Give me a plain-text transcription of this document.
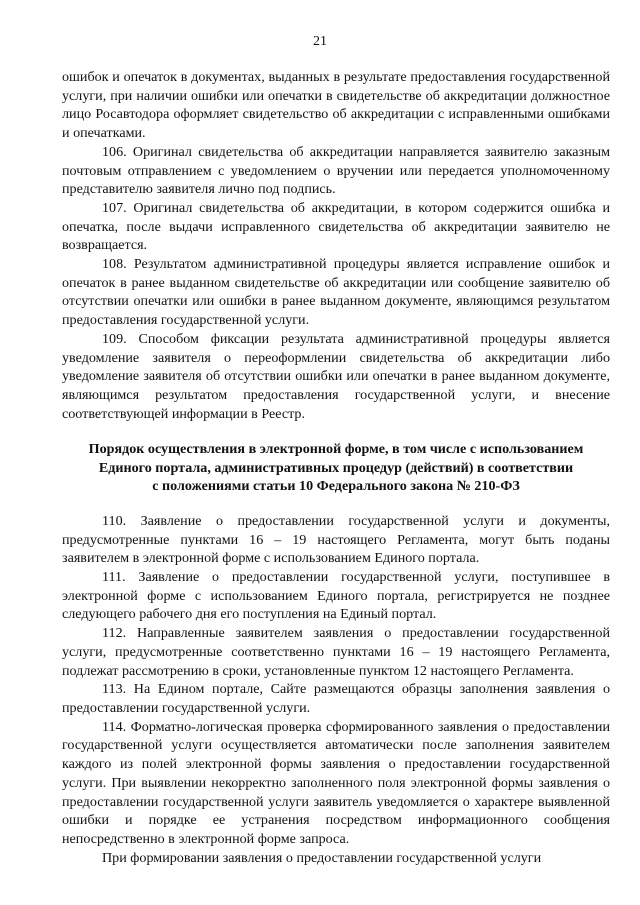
21

ошибок и опечаток в документах, выданных в результате предоставления государственной услуги, при наличии ошибки или опечатки в свидетельстве об аккредитации должностное лицо Росавтодора оформляет свидетельство об аккредитации с исправленными ошибками и опечатками.

106. Оригинал свидетельства об аккредитации направляется заявителю заказным почтовым отправлением с уведомлением о вручении или передается уполномоченному представителю заявителя лично под подпись.

107. Оригинал свидетельства об аккредитации, в котором содержится ошибка и опечатка, после выдачи исправленного свидетельства об аккредитации заявителю не возвращается.

108. Результатом административной процедуры является исправление ошибок и опечаток в ранее выданном свидетельстве об аккредитации или сообщение заявителю об отсутствии опечатки или ошибки в ранее выданном документе, являющимся результатом предоставления государственной услуги.

109. Способом фиксации результата административной процедуры является уведомление заявителя о переоформлении свидетельства об аккредитации либо уведомление заявителя об отсутствии ошибки или опечатки в ранее выданном документе, являющимся результатом предоставления государственной услуги, и внесение соответствующей информации в Реестр.

Порядок осуществления в электронной форме, в том числе с использованием
Единого портала, административных процедур (действий) в соответствии
с положениями статьи 10 Федерального закона № 210-ФЗ

110. Заявление о предоставлении государственной услуги и документы, предусмотренные пунктами 16 – 19 настоящего Регламента, могут быть поданы заявителем в электронной форме с использованием Единого портала.

111. Заявление о предоставлении государственной услуги, поступившее в электронной форме с использованием Единого портала, регистрируется не позднее следующего рабочего дня его поступления на Единый портал.

112. Направленные заявителем заявления о предоставлении государственной услуги, предусмотренные соответственно пунктами 16 – 19 настоящего Регламента, подлежат рассмотрению в сроки, установленные пунктом 12 настоящего Регламента.

113. На Едином портале, Сайте размещаются образцы заполнения заявления о предоставлении государственной услуги.

114. Форматно-логическая проверка сформированного заявления о предоставлении государственной услуги осуществляется автоматически после заполнения заявителем каждого из полей электронной формы заявления о предоставлении государственной услуги. При выявлении некорректно заполненного поля электронной формы заявления о предоставлении государственной услуги заявитель уведомляется о характере выявленной ошибки и порядке ее устранения посредством информационного сообщения непосредственно в электронной форме запроса.

При формировании заявления о предоставлении государственной услуги
